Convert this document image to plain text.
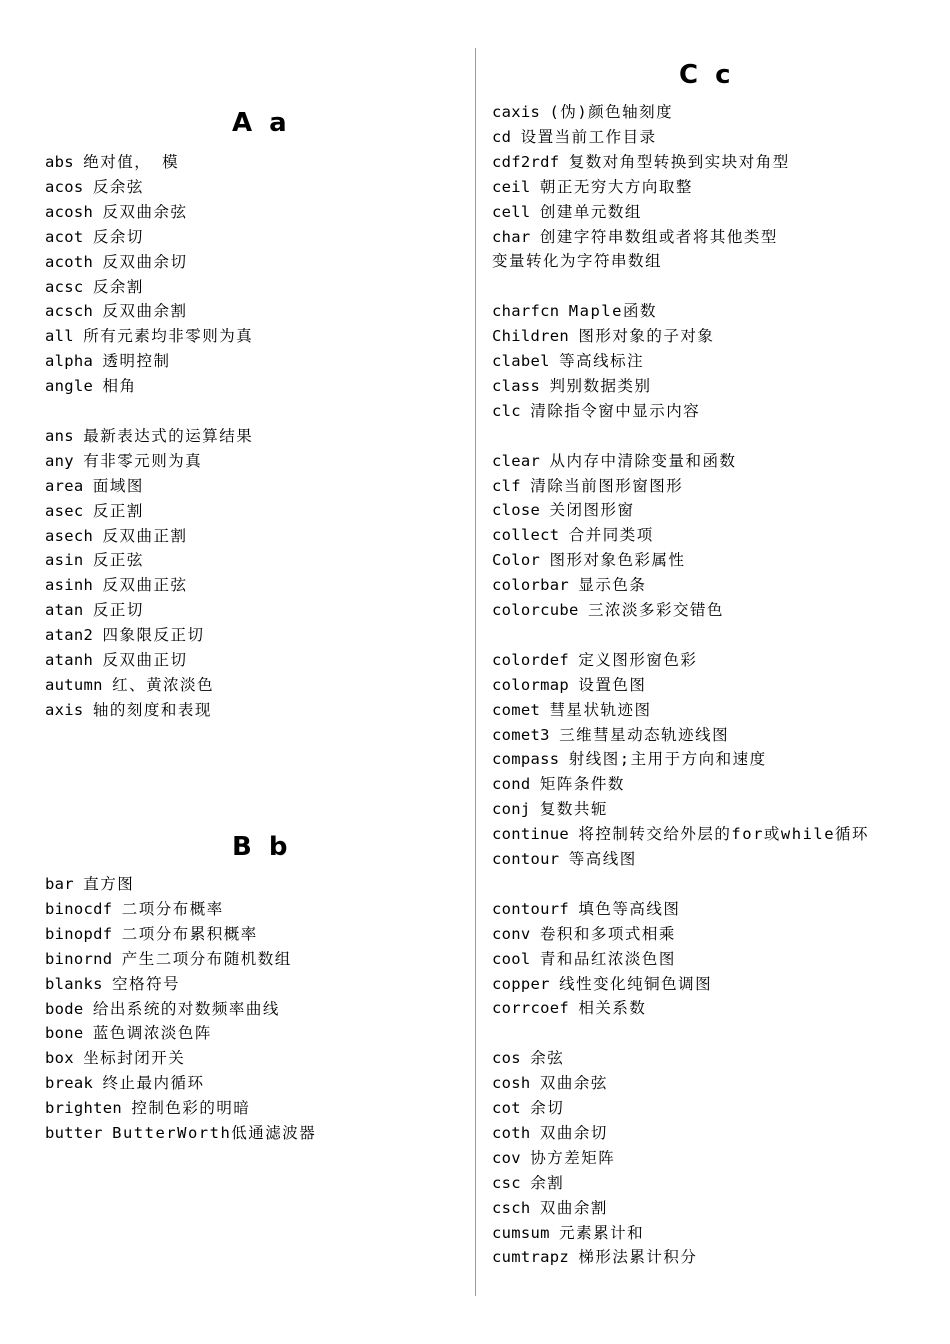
A a
abs 绝对值， 模
acos 反余弦
acosh 反双曲余弦
acot 反余切
acoth 反双曲余切
acsc 反余割
acsch 反双曲余割
all 所有元素均非零则为真
alpha 透明控制
angle 相角
ans 最新表达式的运算结果
any 有非零元则为真
area 面域图
asec 反正割
asech 反双曲正割
asin 反正弦
asinh 反双曲正弦
atan 反正切
atan2 四象限反正切
atanh 反双曲正切
autumn 红、黄浓淡色
axis 轴的刻度和表现
B b
bar 直方图
binocdf 二项分布概率
binopdf 二项分布累积概率
binornd 产生二项分布随机数组
blanks 空格符号
bode 给出系统的对数频率曲线
bone 蓝色调浓淡色阵
box 坐标封闭开关
break 终止最内循环
brighten 控制色彩的明暗
butter ButterWorth低通滤波器
C c
caxis (伪)颜色轴刻度
cd 设置当前工作目录
cdf2rdf 复数对角型转换到实块对角型
ceil 朝正无穷大方向取整
cell 创建单元数组
char 创建字符串数组或者将其他类型
变量转化为字符串数组
charfcn Maple函数
Children 图形对象的子对象
clabel 等高线标注
class 判别数据类别
clc 清除指令窗中显示内容
clear 从内存中清除变量和函数
clf 清除当前图形窗图形
close 关闭图形窗
collect 合并同类项
Color 图形对象色彩属性
colorbar 显示色条
colorcube 三浓淡多彩交错色
colordef 定义图形窗色彩
colormap 设置色图
comet 彗星状轨迹图
comet3 三维彗星动态轨迹线图
compass 射线图;主用于方向和速度
cond 矩阵条件数
conj 复数共轭
continue 将控制转交给外层的for或while循环
contour 等高线图
contourf 填色等高线图
conv 卷积和多项式相乘
cool 青和品红浓淡色图
copper 线性变化纯铜色调图
corrcoef 相关系数
cos 余弦
cosh 双曲余弦
cot 余切
coth 双曲余切
cov 协方差矩阵
csc 余割
csch 双曲余割
cumsum 元素累计和
cumtrapz 梯形法累计积分
